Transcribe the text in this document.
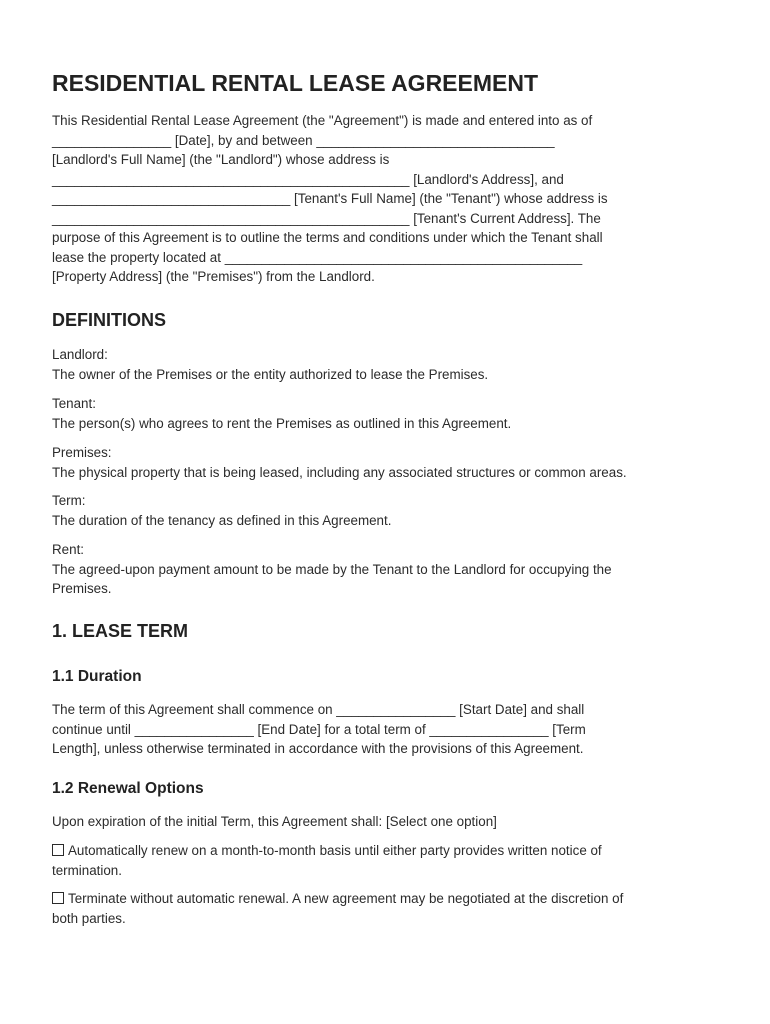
RESIDENTIAL RENTAL LEASE AGREEMENT
This Residential Rental Lease Agreement (the "Agreement") is made and entered into as of
________________ [Date], by and between ________________________________
[Landlord's Full Name] (the "Landlord") whose address is
________________________________________________ [Landlord's Address], and
________________________________ [Tenant's Full Name] (the "Tenant") whose address is
________________________________________________ [Tenant's Current Address]. The
purpose of this Agreement is to outline the terms and conditions under which the Tenant shall
lease the property located at ________________________________________________
[Property Address] (the "Premises") from the Landlord.
DEFINITIONS
Landlord:
The owner of the Premises or the entity authorized to lease the Premises.
Tenant:
The person(s) who agrees to rent the Premises as outlined in this Agreement.
Premises:
The physical property that is being leased, including any associated structures or common areas.
Term:
The duration of the tenancy as defined in this Agreement.
Rent:
The agreed-upon payment amount to be made by the Tenant to the Landlord for occupying the
Premises.
1. LEASE TERM
1.1 Duration
The term of this Agreement shall commence on ________________ [Start Date] and shall
continue until ________________ [End Date] for a total term of ________________ [Term
Length], unless otherwise terminated in accordance with the provisions of this Agreement.
1.2 Renewal Options
Upon expiration of the initial Term, this Agreement shall: [Select one option]
Automatically renew on a month-to-month basis until either party provides written notice of
termination.
Terminate without automatic renewal. A new agreement may be negotiated at the discretion of
both parties.
